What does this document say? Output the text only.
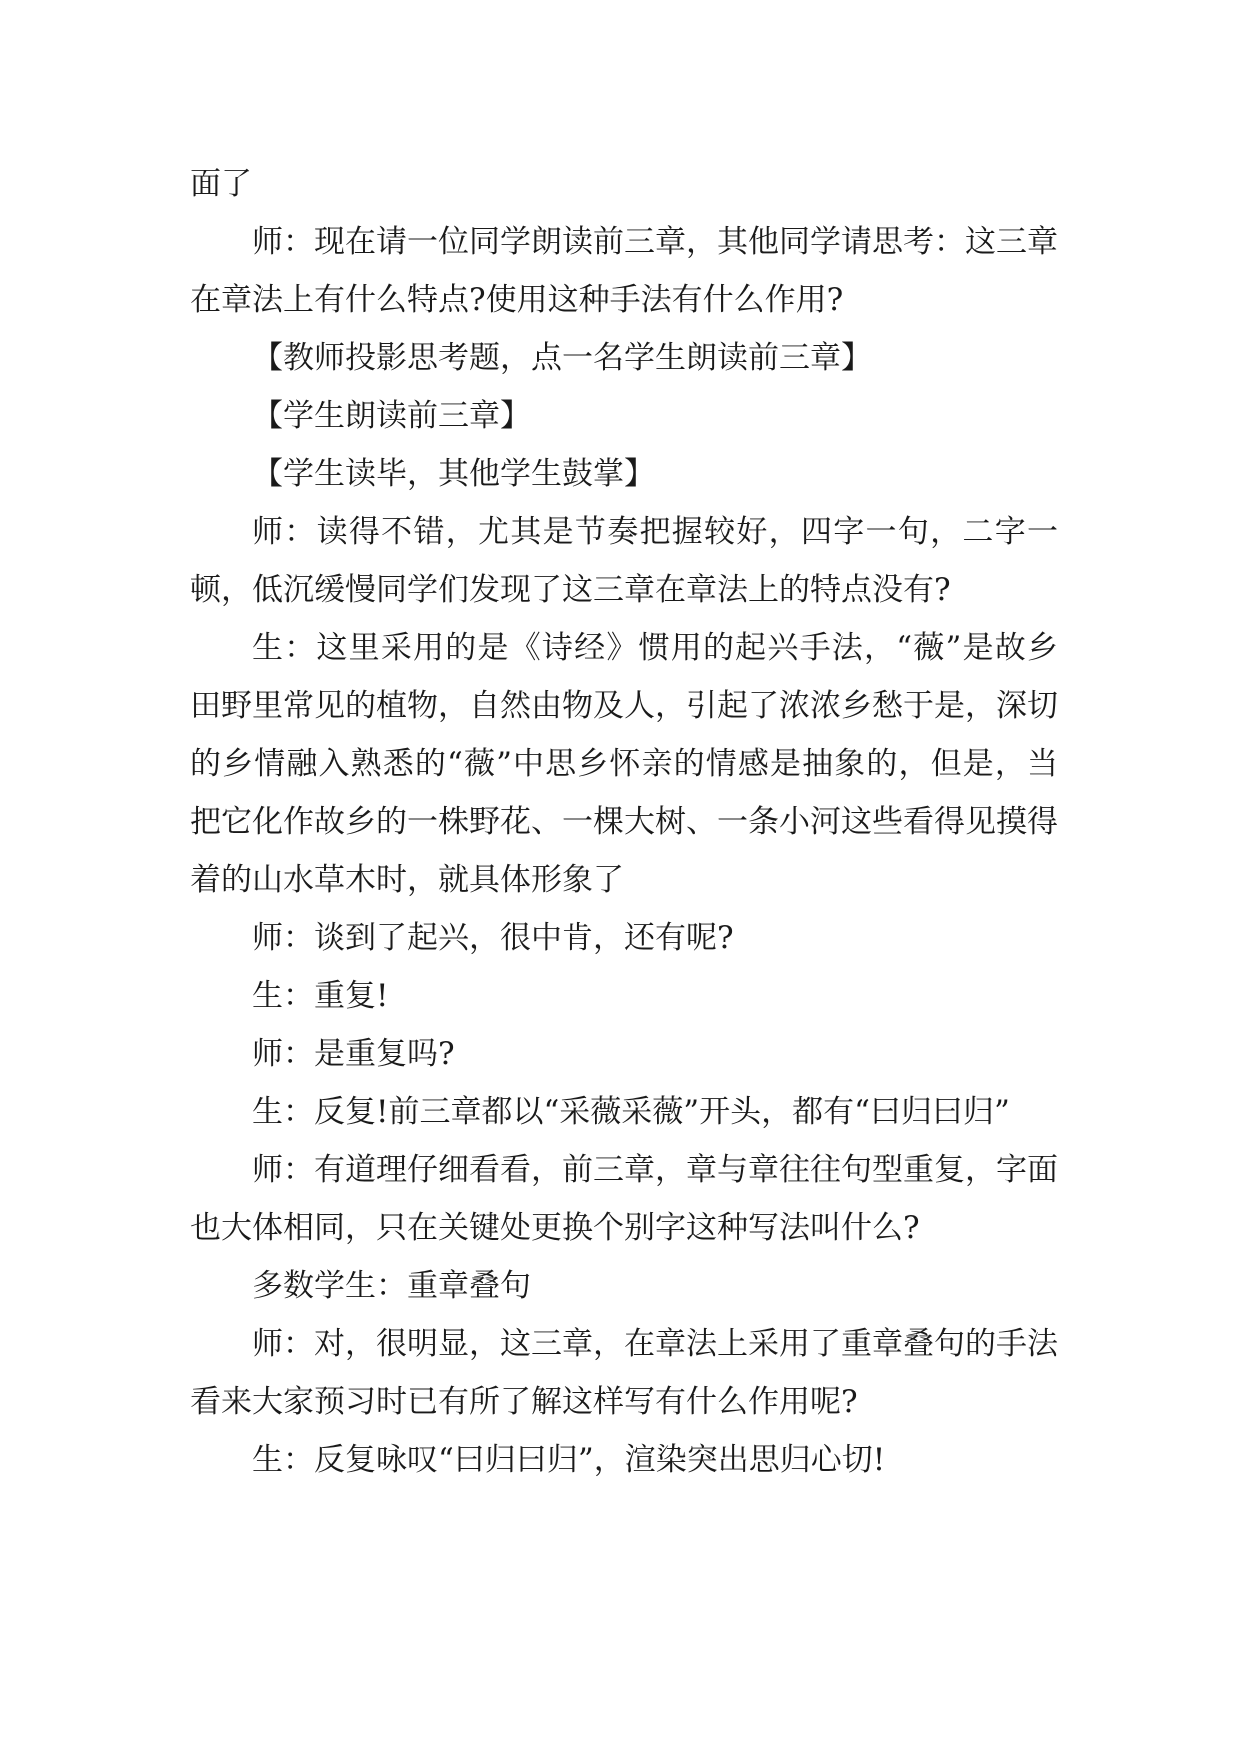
面了

师：现在请一位同学朗读前三章，其他同学请思考：这三章在章法上有什么特点?使用这种手法有什么作用?

【教师投影思考题，点一名学生朗读前三章】

【学生朗读前三章】

【学生读毕，其他学生鼓掌】

师：读得不错，尤其是节奏把握较好，四字一句，二字一顿，低沉缓慢同学们发现了这三章在章法上的特点没有?

生：这里采用的是《诗经》惯用的起兴手法，“薇”是故乡田野里常见的植物，自然由物及人，引起了浓浓乡愁于是，深切的乡情融入熟悉的“薇”中思乡怀亲的情感是抽象的，但是，当把它化作故乡的一株野花、一棵大树、一条小河这些看得见摸得着的山水草木时，就具体形象了

师：谈到了起兴，很中肯，还有呢?

生：重复!

师：是重复吗?

生：反复!前三章都以“采薇采薇”开头，都有“曰归曰归”

师：有道理仔细看看，前三章，章与章往往句型重复，字面也大体相同，只在关键处更换个别字这种写法叫什么?

多数学生：重章叠句

师：对，很明显，这三章，在章法上采用了重章叠句的手法看来大家预习时已有所了解这样写有什么作用呢?

生：反复咏叹“曰归曰归”，渲染突出思归心切!
